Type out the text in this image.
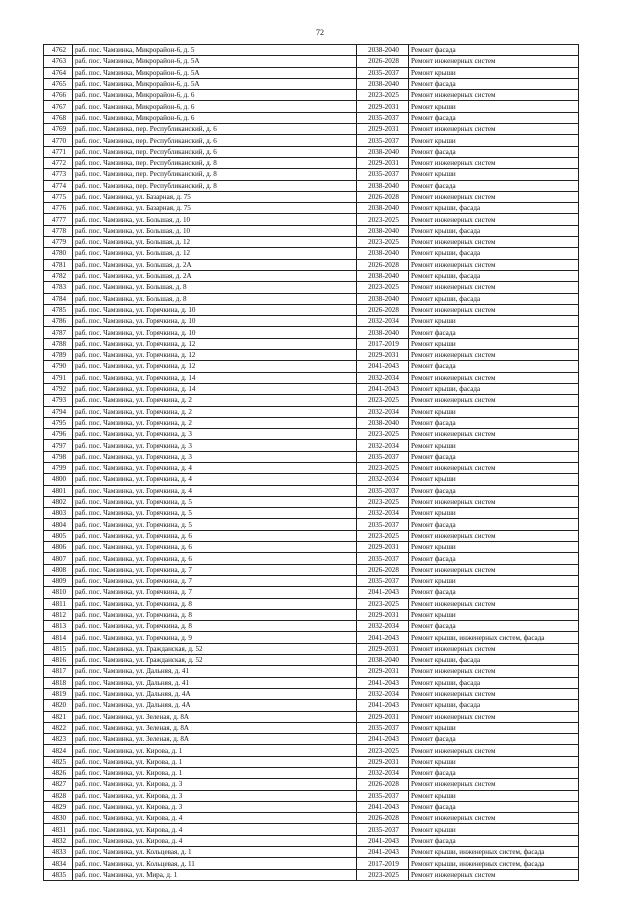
72
4762	раб. пос. Чамзинка, Микрорайон-6, д. 5	2038-2040	Ремонт фасада
4763	раб. пос. Чамзинка, Микрорайон-6, д. 5А	2026-2028	Ремонт инженерных систем
4764	раб. пос. Чамзинка, Микрорайон-6, д. 5А	2035-2037	Ремонт крыши
4765	раб. пос. Чамзинка, Микрорайон-6, д. 5А	2038-2040	Ремонт фасада
4766	раб. пос. Чамзинка, Микрорайон-6, д. 6	2023-2025	Ремонт инженерных систем
4767	раб. пос. Чамзинка, Микрорайон-6, д. 6	2029-2031	Ремонт крыши
4768	раб. пос. Чамзинка, Микрорайон-6, д. 6	2035-2037	Ремонт фасада
4769	раб. пос. Чамзинка, пер. Республиканский, д. 6	2029-2031	Ремонт инженерных систем
4770	раб. пос. Чамзинка, пер. Республиканский, д. 6	2035-2037	Ремонт крыши
4771	раб. пос. Чамзинка, пер. Республиканский, д. 6	2038-2040	Ремонт фасада
4772	раб. пос. Чамзинка, пер. Республиканский, д. 8	2029-2031	Ремонт инженерных систем
4773	раб. пос. Чамзинка, пер. Республиканский, д. 8	2035-2037	Ремонт крыши
4774	раб. пос. Чамзинка, пер. Республиканский, д. 8	2038-2040	Ремонт фасада
4775	раб. пос. Чамзинка, ул. Базарная, д. 75	2026-2028	Ремонт инженерных систем
4776	раб. пос. Чамзинка, ул. Базарная, д. 75	2038-2040	Ремонт крыши, фасада
4777	раб. пос. Чамзинка, ул. Большая, д. 10	2023-2025	Ремонт инженерных систем
4778	раб. пос. Чамзинка, ул. Большая, д. 10	2038-2040	Ремонт крыши, фасада
4779	раб. пос. Чамзинка, ул. Большая, д. 12	2023-2025	Ремонт инженерных систем
4780	раб. пос. Чамзинка, ул. Большая, д. 12	2038-2040	Ремонт крыши, фасада
4781	раб. пос. Чамзинка, ул. Большая, д. 2А	2026-2028	Ремонт инженерных систем
4782	раб. пос. Чамзинка, ул. Большая, д. 2А	2038-2040	Ремонт крыши, фасада
4783	раб. пос. Чамзинка, ул. Большая, д. 8	2023-2025	Ремонт инженерных систем
4784	раб. пос. Чамзинка, ул. Большая, д. 8	2038-2040	Ремонт крыши, фасада
4785	раб. пос. Чамзинка, ул. Горячкина, д. 10	2026-2028	Ремонт инженерных систем
4786	раб. пос. Чамзинка, ул. Горячкина, д. 10	2032-2034	Ремонт крыши
4787	раб. пос. Чамзинка, ул. Горячкина, д. 10	2038-2040	Ремонт фасада
4788	раб. пос. Чамзинка, ул. Горячкина, д. 12	2017-2019	Ремонт крыши
4789	раб. пос. Чамзинка, ул. Горячкина, д. 12	2029-2031	Ремонт инженерных систем
4790	раб. пос. Чамзинка, ул. Горячкина, д. 12	2041-2043	Ремонт фасада
4791	раб. пос. Чамзинка, ул. Горячкина, д. 14	2032-2034	Ремонт инженерных систем
4792	раб. пос. Чамзинка, ул. Горячкина, д. 14	2041-2043	Ремонт крыши, фасада
4793	раб. пос. Чамзинка, ул. Горячкина, д. 2	2023-2025	Ремонт инженерных систем
4794	раб. пос. Чамзинка, ул. Горячкина, д. 2	2032-2034	Ремонт крыши
4795	раб. пос. Чамзинка, ул. Горячкина, д. 2	2038-2040	Ремонт фасада
4796	раб. пос. Чамзинка, ул. Горячкина, д. 3	2023-2025	Ремонт инженерных систем
4797	раб. пос. Чамзинка, ул. Горячкина, д. 3	2032-2034	Ремонт крыши
4798	раб. пос. Чамзинка, ул. Горячкина, д. 3	2035-2037	Ремонт фасада
4799	раб. пос. Чамзинка, ул. Горячкина, д. 4	2023-2025	Ремонт инженерных систем
4800	раб. пос. Чамзинка, ул. Горячкина, д. 4	2032-2034	Ремонт крыши
4801	раб. пос. Чамзинка, ул. Горячкина, д. 4	2035-2037	Ремонт фасада
4802	раб. пос. Чамзинка, ул. Горячкина, д. 5	2023-2025	Ремонт инженерных систем
4803	раб. пос. Чамзинка, ул. Горячкина, д. 5	2032-2034	Ремонт крыши
4804	раб. пос. Чамзинка, ул. Горячкина, д. 5	2035-2037	Ремонт фасада
4805	раб. пос. Чамзинка, ул. Горячкина, д. 6	2023-2025	Ремонт инженерных систем
4806	раб. пос. Чамзинка, ул. Горячкина, д. 6	2029-2031	Ремонт крыши
4807	раб. пос. Чамзинка, ул. Горячкина, д. 6	2035-2037	Ремонт фасада
4808	раб. пос. Чамзинка, ул. Горячкина, д. 7	2026-2028	Ремонт инженерных систем
4809	раб. пос. Чамзинка, ул. Горячкина, д. 7	2035-2037	Ремонт крыши
4810	раб. пос. Чамзинка, ул. Горячкина, д. 7	2041-2043	Ремонт фасада
4811	раб. пос. Чамзинка, ул. Горячкина, д. 8	2023-2025	Ремонт инженерных систем
4812	раб. пос. Чамзинка, ул. Горячкина, д. 8	2029-2031	Ремонт крыши
4813	раб. пос. Чамзинка, ул. Горячкина, д. 8	2032-2034	Ремонт фасада
4814	раб. пос. Чамзинка, ул. Горячкина, д. 9	2041-2043	Ремонт крыши, инженерных систем, фасада
4815	раб. пос. Чамзинка, ул. Гражданская, д. 52	2029-2031	Ремонт инженерных систем
4816	раб. пос. Чамзинка, ул. Гражданская, д. 52	2038-2040	Ремонт крыши, фасада
4817	раб. пос. Чамзинка, ул. Дальняя, д. 41	2029-2031	Ремонт инженерных систем
4818	раб. пос. Чамзинка, ул. Дальняя, д. 41	2041-2043	Ремонт крыши, фасада
4819	раб. пос. Чамзинка, ул. Дальняя, д. 4А	2032-2034	Ремонт инженерных систем
4820	раб. пос. Чамзинка, ул. Дальняя, д. 4А	2041-2043	Ремонт крыши, фасада
4821	раб. пос. Чамзинка, ул. Зеленая, д. 8А	2029-2031	Ремонт инженерных систем
4822	раб. пос. Чамзинка, ул. Зеленая, д. 8А	2035-2037	Ремонт крыши
4823	раб. пос. Чамзинка, ул. Зеленая, д. 8А	2041-2043	Ремонт фасада
4824	раб. пос. Чамзинка, ул. Кирова, д. 1	2023-2025	Ремонт инженерных систем
4825	раб. пос. Чамзинка, ул. Кирова, д. 1	2029-2031	Ремонт крыши
4826	раб. пос. Чамзинка, ул. Кирова, д. 1	2032-2034	Ремонт фасада
4827	раб. пос. Чамзинка, ул. Кирова, д. 3	2026-2028	Ремонт инженерных систем
4828	раб. пос. Чамзинка, ул. Кирова, д. 3	2035-2037	Ремонт крыши
4829	раб. пос. Чамзинка, ул. Кирова, д. 3	2041-2043	Ремонт фасада
4830	раб. пос. Чамзинка, ул. Кирова, д. 4	2026-2028	Ремонт инженерных систем
4831	раб. пос. Чамзинка, ул. Кирова, д. 4	2035-2037	Ремонт крыши
4832	раб. пос. Чамзинка, ул. Кирова, д. 4	2041-2043	Ремонт фасада
4833	раб. пос. Чамзинка, ул. Кольцевая, д. 1	2041-2043	Ремонт крыши, инженерных систем, фасада
4834	раб. пос. Чамзинка, ул. Кольцевая, д. 11	2017-2019	Ремонт крыши, инженерных систем, фасада
4835	раб. пос. Чамзинка, ул. Мира, д. 1	2023-2025	Ремонт инженерных систем
